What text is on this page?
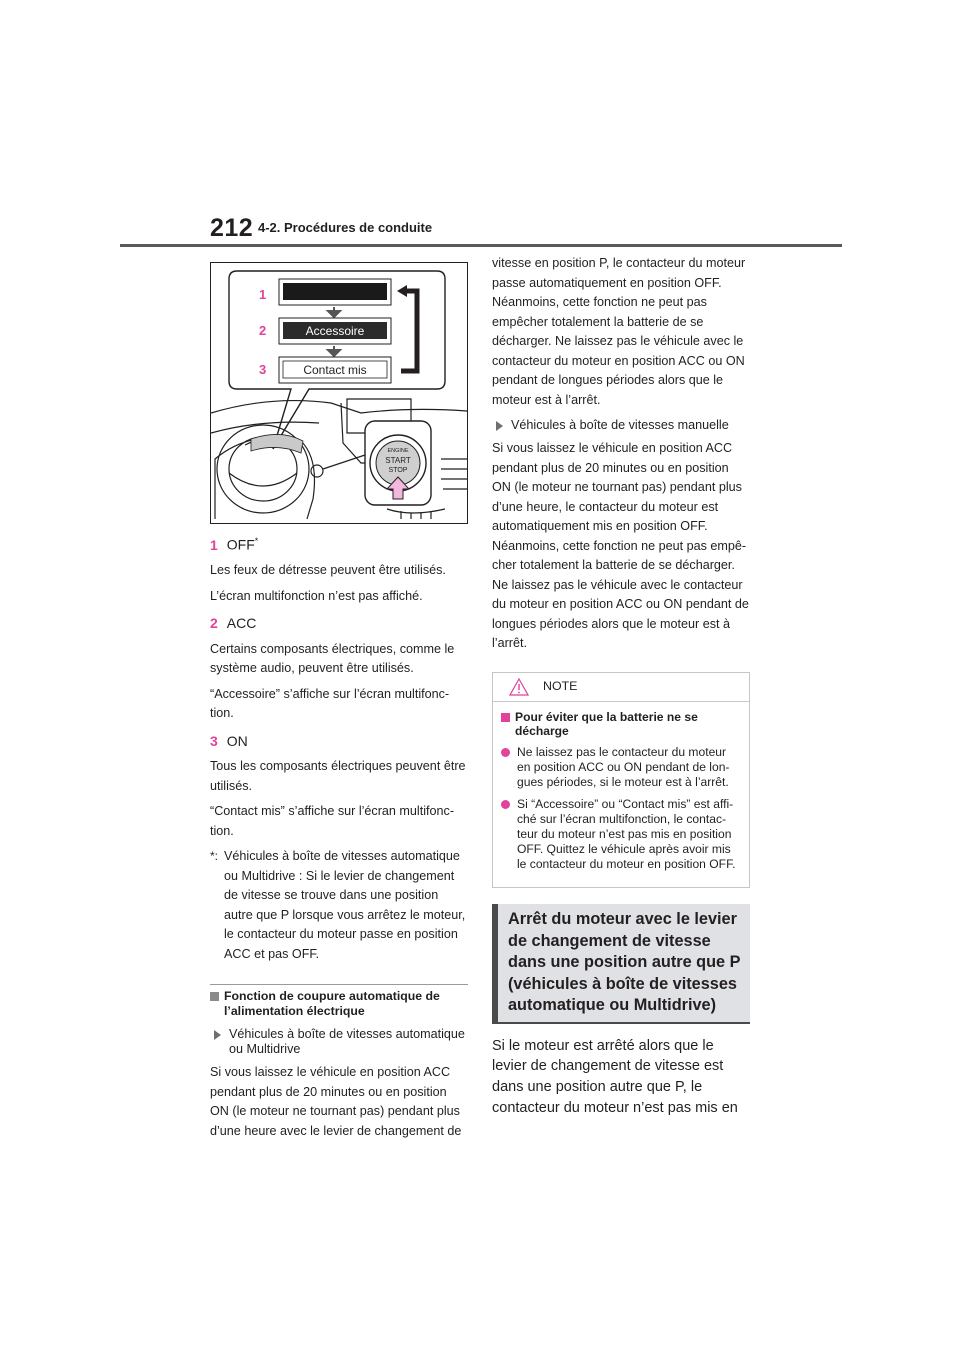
212 4-2. Procédures de conduite
1
2
3
Accessoire
Contact mis
ENGINE
START
STOP
1 OFF*

Les feux de détresse peuvent être utilisés.

L’écran multifonction n’est pas affiché.

2 ACC

Certains composants électriques, comme le système audio, peuvent être utilisés.

“Accessoire” s’affiche sur l’écran multifonc-tion.

3 ON

Tous les composants électriques peuvent être utilisés.

“Contact mis” s’affiche sur l’écran multifonc-tion.

*: Véhicules à boîte de vitesses automatique ou Multidrive : Si le levier de changement de vitesse se trouve dans une position autre que P lorsque vous arrêtez le moteur, le contacteur du moteur passe en position ACC et pas OFF.
Fonction de coupure automatique de l’alimentation électrique
Véhicules à boîte de vitesses automatique ou Multidrive

Si vous laissez le véhicule en position ACC pendant plus de 20 minutes ou en position ON (le moteur ne tournant pas) pendant plus d’une heure avec le levier de changement de

vitesse en position P, le contacteur du moteur passe automatiquement en position OFF. Néanmoins, cette fonction ne peut pas empêcher totalement la batterie de se décharger. Ne laissez pas le véhicule avec le contacteur du moteur en position ACC ou ON pendant de longues périodes alors que le moteur est à l’arrêt.

Véhicules à boîte de vitesses manuelle

Si vous laissez le véhicule en position ACC pendant plus de 20 minutes ou en position ON (le moteur ne tournant pas) pendant plus d’une heure, le contacteur du moteur est automatiquement mis en position OFF. Néanmoins, cette fonction ne peut pas empê-cher totalement la batterie de se décharger. Ne laissez pas le véhicule avec le contacteur du moteur en position ACC ou ON pendant de longues périodes alors que le moteur est à l’arrêt.

NOTE
Pour éviter que la batterie ne se décharge
Ne laissez pas le contacteur du moteur en position ACC ou ON pendant de lon-gues périodes, si le moteur est à l’arrêt.
Si “Accessoire” ou “Contact mis” est affi-ché sur l’écran multifonction, le contac-teur du moteur n’est pas mis en position OFF. Quittez le véhicule après avoir mis le contacteur du moteur en position OFF.
Arrêt du moteur avec le levier de changement de vitesse dans une position autre que P (véhicules à boîte de vitesses automatique ou Multidrive)

Si le moteur est arrêté alors que le levier de changement de vitesse est dans une position autre que P, le contacteur du moteur n’est pas mis en
